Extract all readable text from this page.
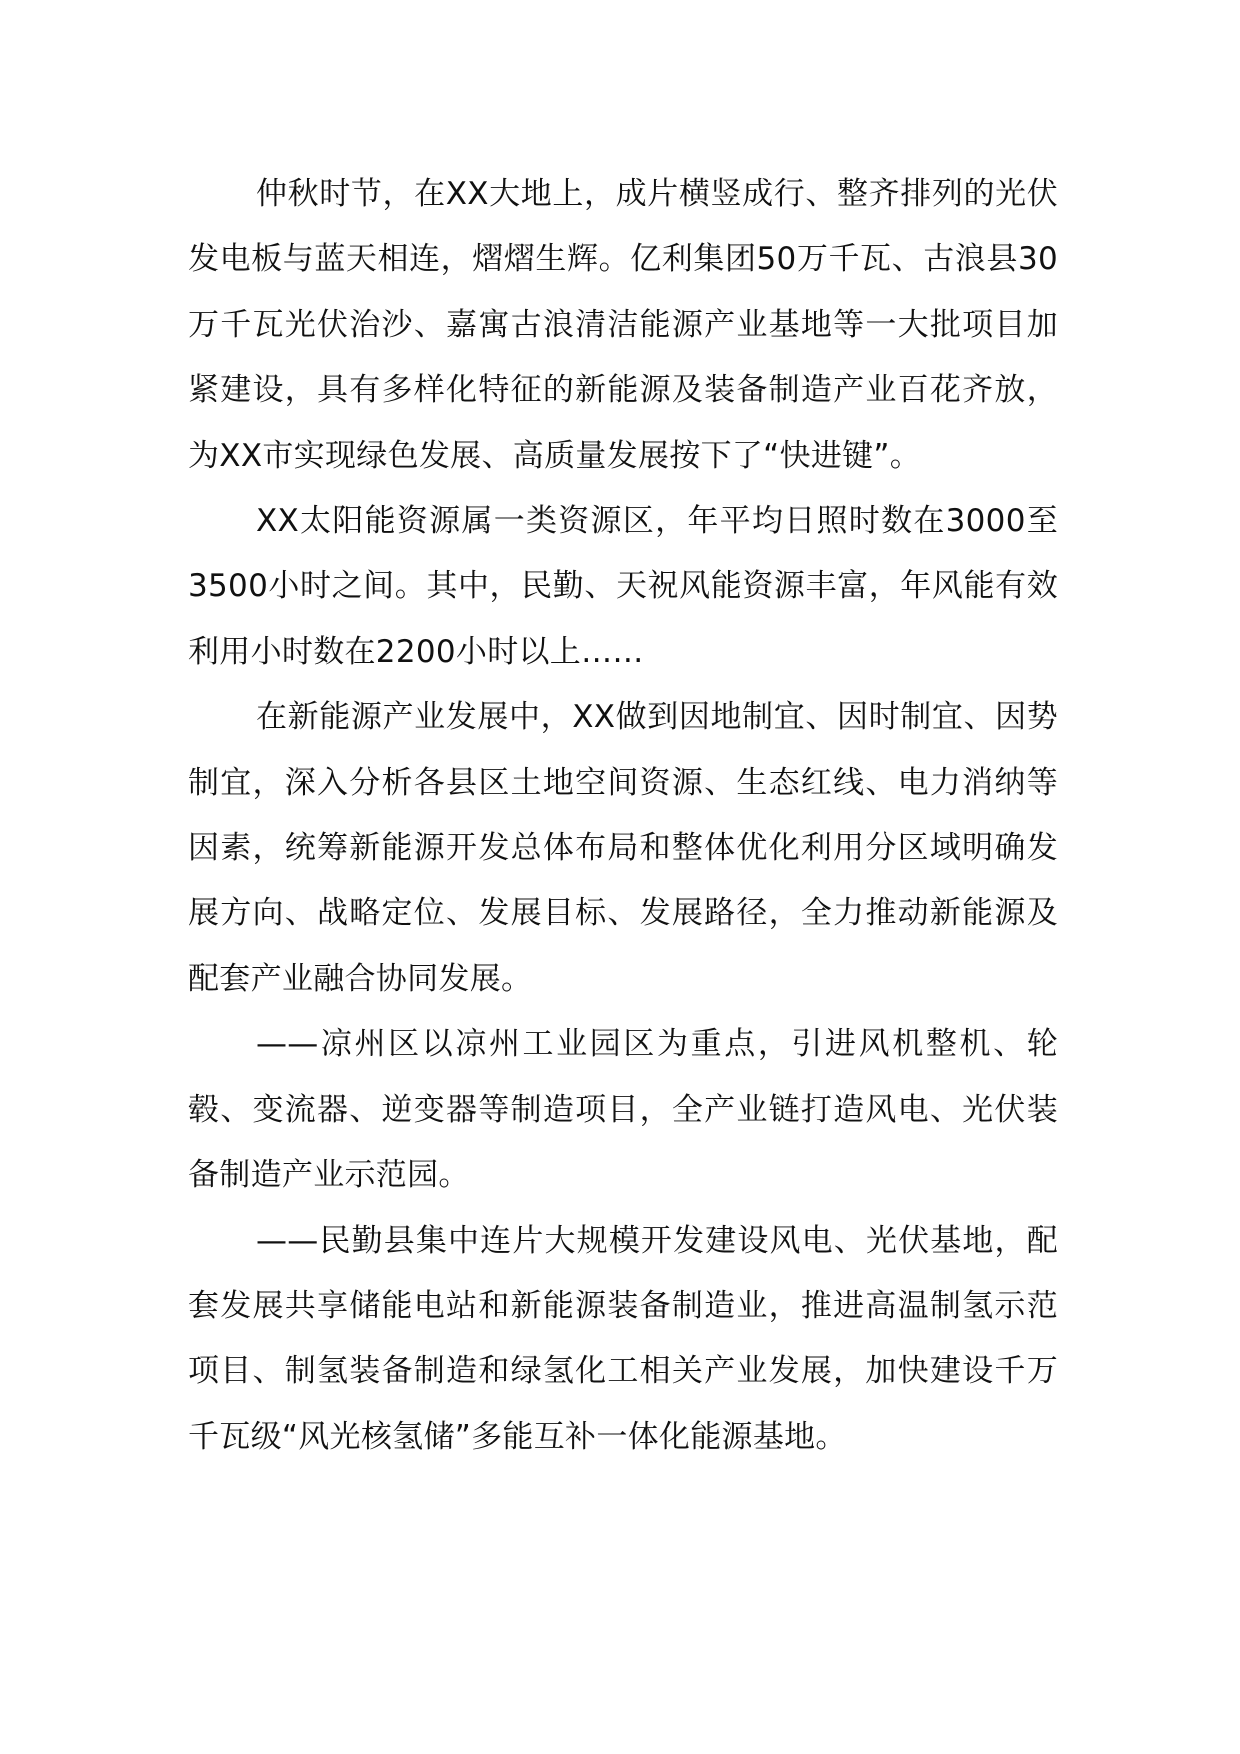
仲秋时节，在XX大地上，成片横竖成行、整齐排列的光伏发电板与蓝天相连，熠熠生辉。亿利集团50万千瓦、古浪县30万千瓦光伏治沙、嘉寓古浪清洁能源产业基地等一大批项目加紧建设，具有多样化特征的新能源及装备制造产业百花齐放，为XX市实现绿色发展、高质量发展按下了“快进键”。

XX太阳能资源属一类资源区，年平均日照时数在3000至3500小时之间。其中，民勤、天祝风能资源丰富，年风能有效利用小时数在2200小时以上……

在新能源产业发展中，XX做到因地制宜、因时制宜、因势制宜，深入分析各县区土地空间资源、生态红线、电力消纳等因素，统筹新能源开发总体布局和整体优化利用分区域明确发展方向、战略定位、发展目标、发展路径，全力推动新能源及配套产业融合协同发展。

——凉州区以凉州工业园区为重点，引进风机整机、轮毂、变流器、逆变器等制造项目，全产业链打造风电、光伏装备制造产业示范园。

——民勤县集中连片大规模开发建设风电、光伏基地，配套发展共享储能电站和新能源装备制造业，推进高温制氢示范项目、制氢装备制造和绿氢化工相关产业发展，加快建设千万千瓦级“风光核氢储”多能互补一体化能源基地。
